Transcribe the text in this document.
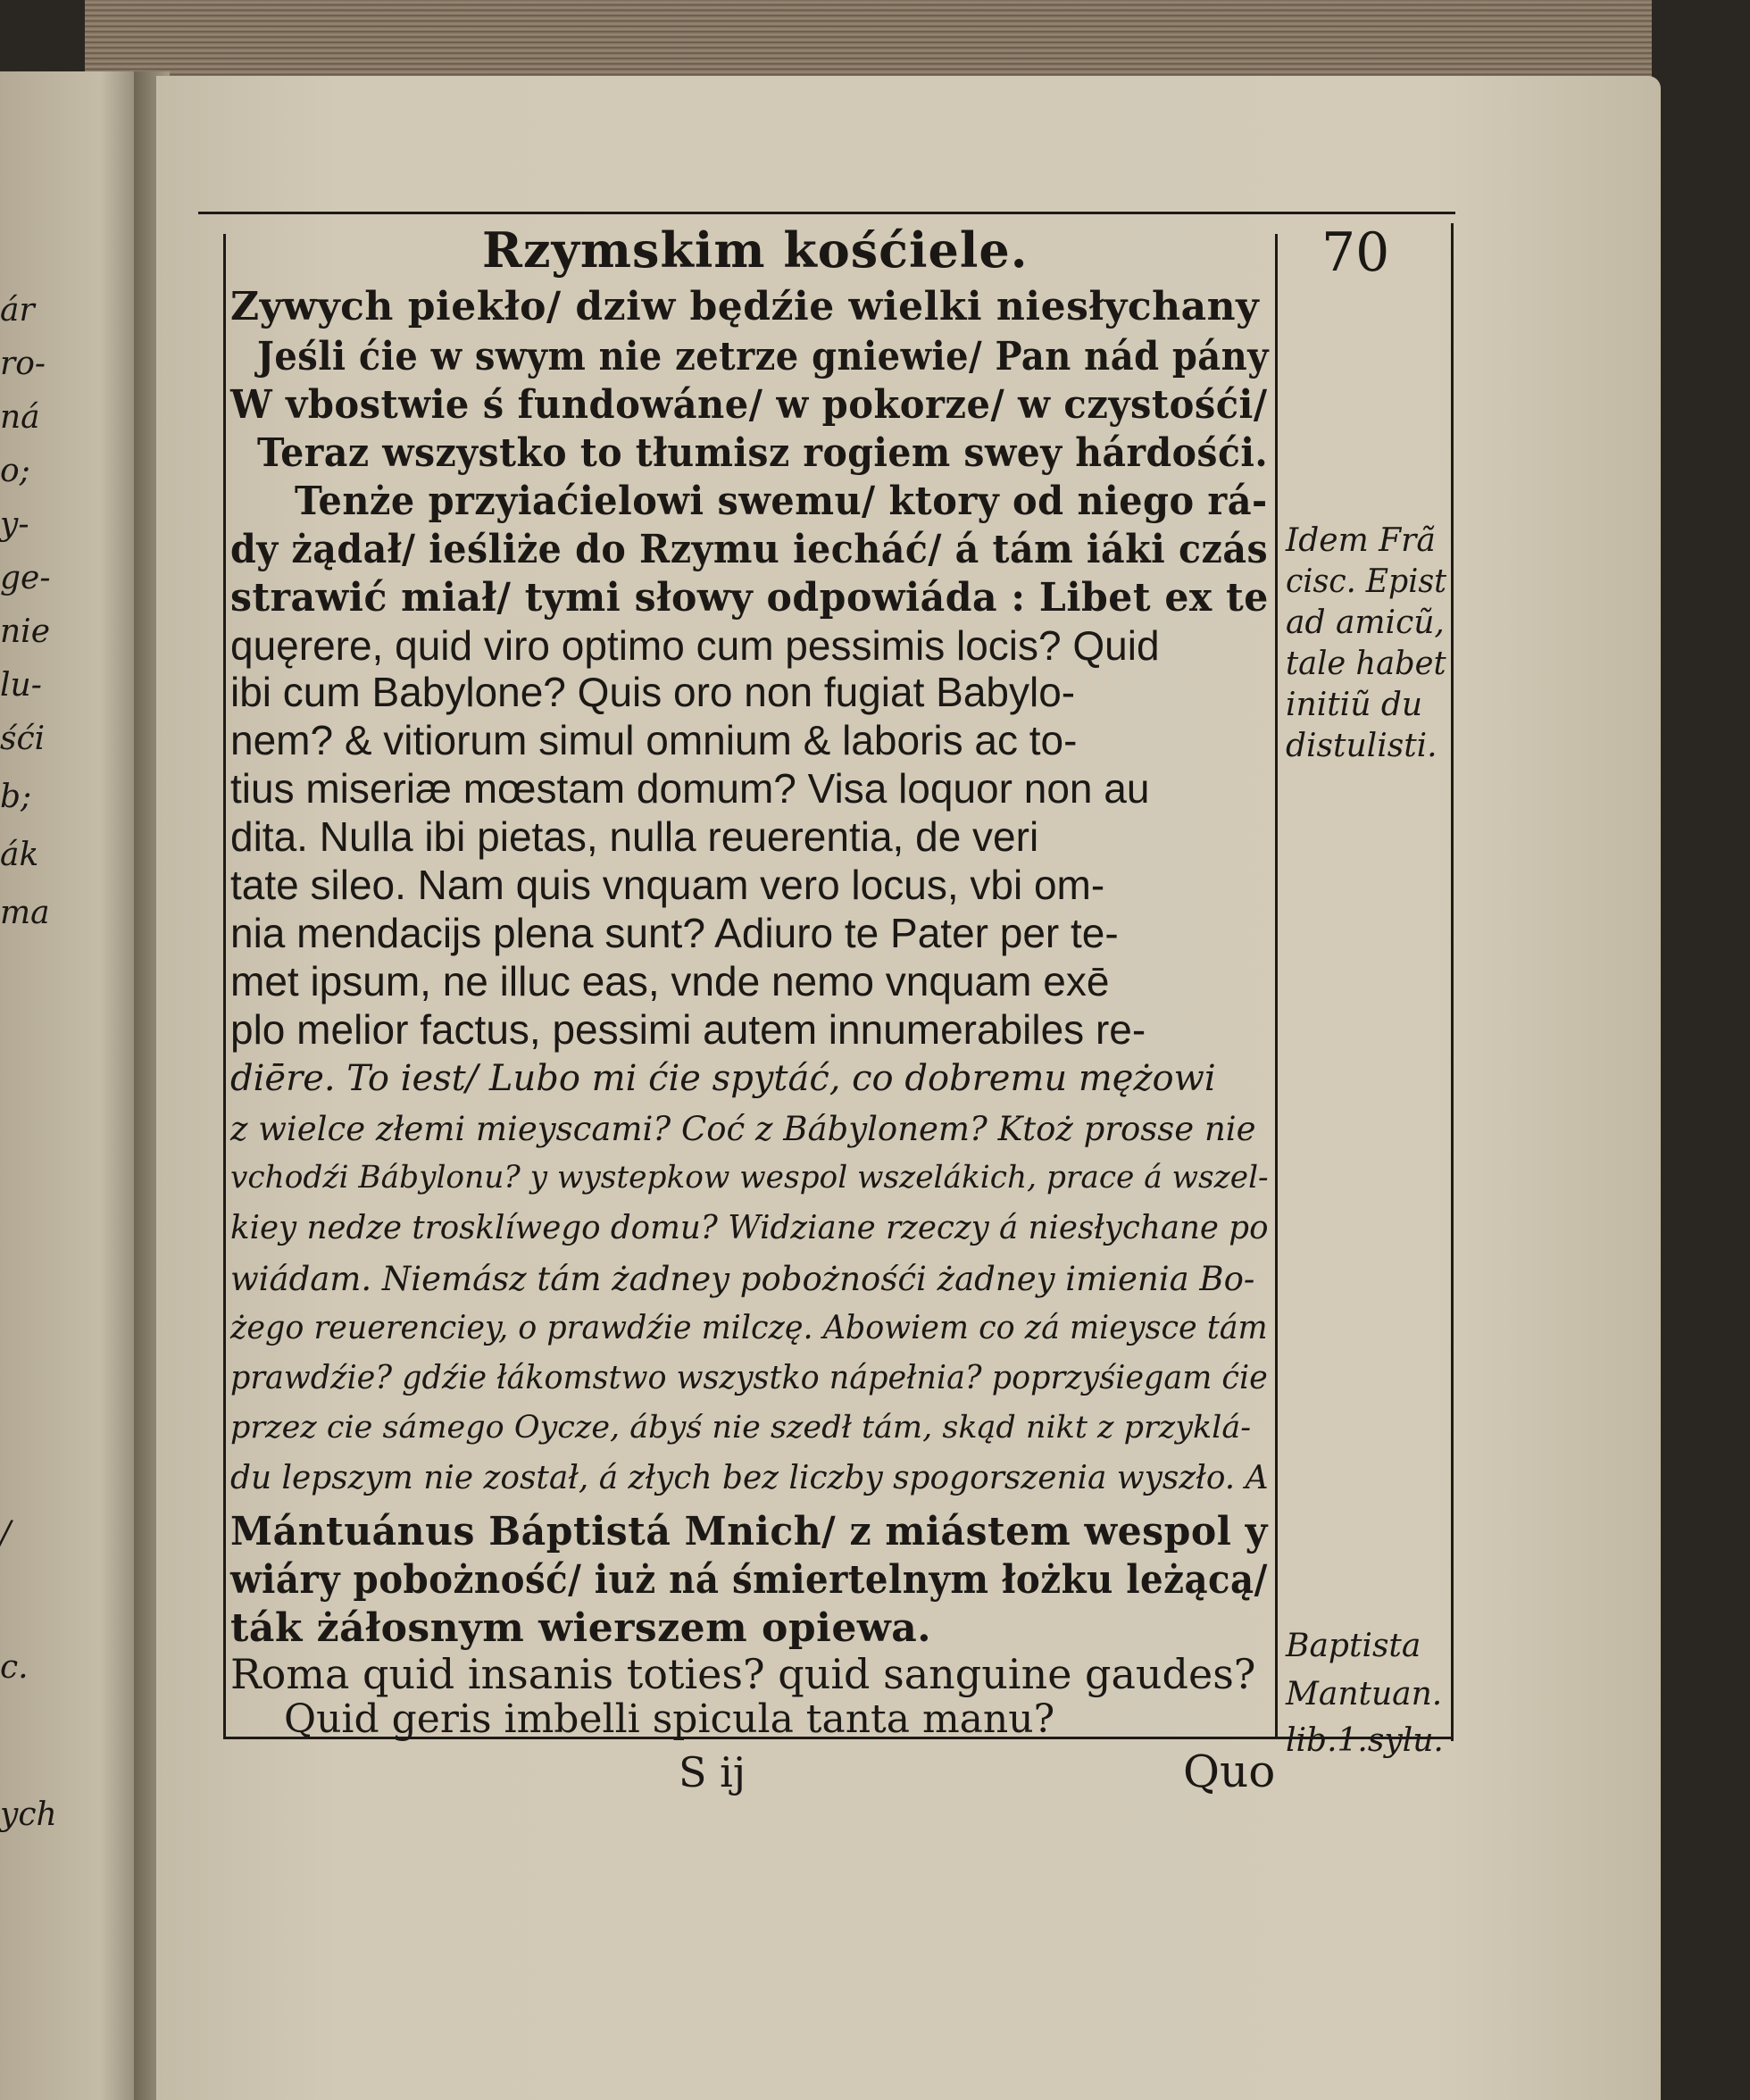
ár
ro-
ná
o;
y-
ge-
nie
lu-
śći
b;
ák
ma
/
c.
ych
Rzymskim kośćiele.	70
Zywych piekło/ dziw będźie wielki niesłychany
Jeśli ćie w swym nie zetrze gniewie/ Pan nád pány
W vbostwie ś fundowáne/ w pokorze/ w czystośći/
Teraz wszystko to tłumisz rogiem swey hárdośći.
Tenże przyiaćielowi swemu/ ktory od niego rá-
dy żądał/ ieśliże do Rzymu iecháć/ á tám iáki czás
strawić miał/ tymi słowy odpowiáda : Libet ex te
quęrere, quid viro optimo cum pessimis locis? Quid
ibi cum Babylone? Quis oro non fugiat Babylo-
nem? & vitiorum simul omnium & laboris ac to-
tius miseriæ mœstam domum? Visa loquor non au
dita. Nulla ibi pietas, nulla reuerentia, de veri
tate sileo. Nam quis vnquam vero locus, vbi om-
nia mendacijs plena sunt? Adiuro te Pater per te-
met ipsum, ne illuc eas, vnde nemo vnquam exē
plo melior factus, pessimi autem innumerabiles re-
diēre. To iest/ Lubo mi ćie spytáć, co dobremu mężowi
z wielce złemi mieyscami? Coć z Bábylonem? Ktoż prosse nie
vchodźi Bábylonu? y wystepkow wespol wszelákich, prace á wszel-
kiey nedze trosklíwego domu? Widziane rzeczy á niesłychane po
wiádam. Niemász tám żadney pobożnośći żadney imienia Bo-
żego reuerenciey, o prawdźie milczę. Abowiem co zá mieysce tám
prawdźie? gdźie łákomstwo wszystko nápełnia? poprzyśiegam ćie
przez cie sámego Oycze, ábyś nie szedł tám, skąd nikt z przyklá-
du lepszym nie został, á złych bez liczby spogorszenia wyszło. A
Mántuánus Báptistá Mnich/ z miástem wespol y
wiáry pobożność/ iuż ná śmiertelnym łożku leżącą/
ták żáłosnym wierszem opiewa.
Roma quid insanis toties? quid sanguine gaudes?
Quid geris imbelli spicula tanta manu?
Idem Frã
cisc. Epist
ad amicũ,
tale habet
initiũ du
distulisti.
Baptista
Mantuan.
lib.1.sylu.
S ij	Quo
